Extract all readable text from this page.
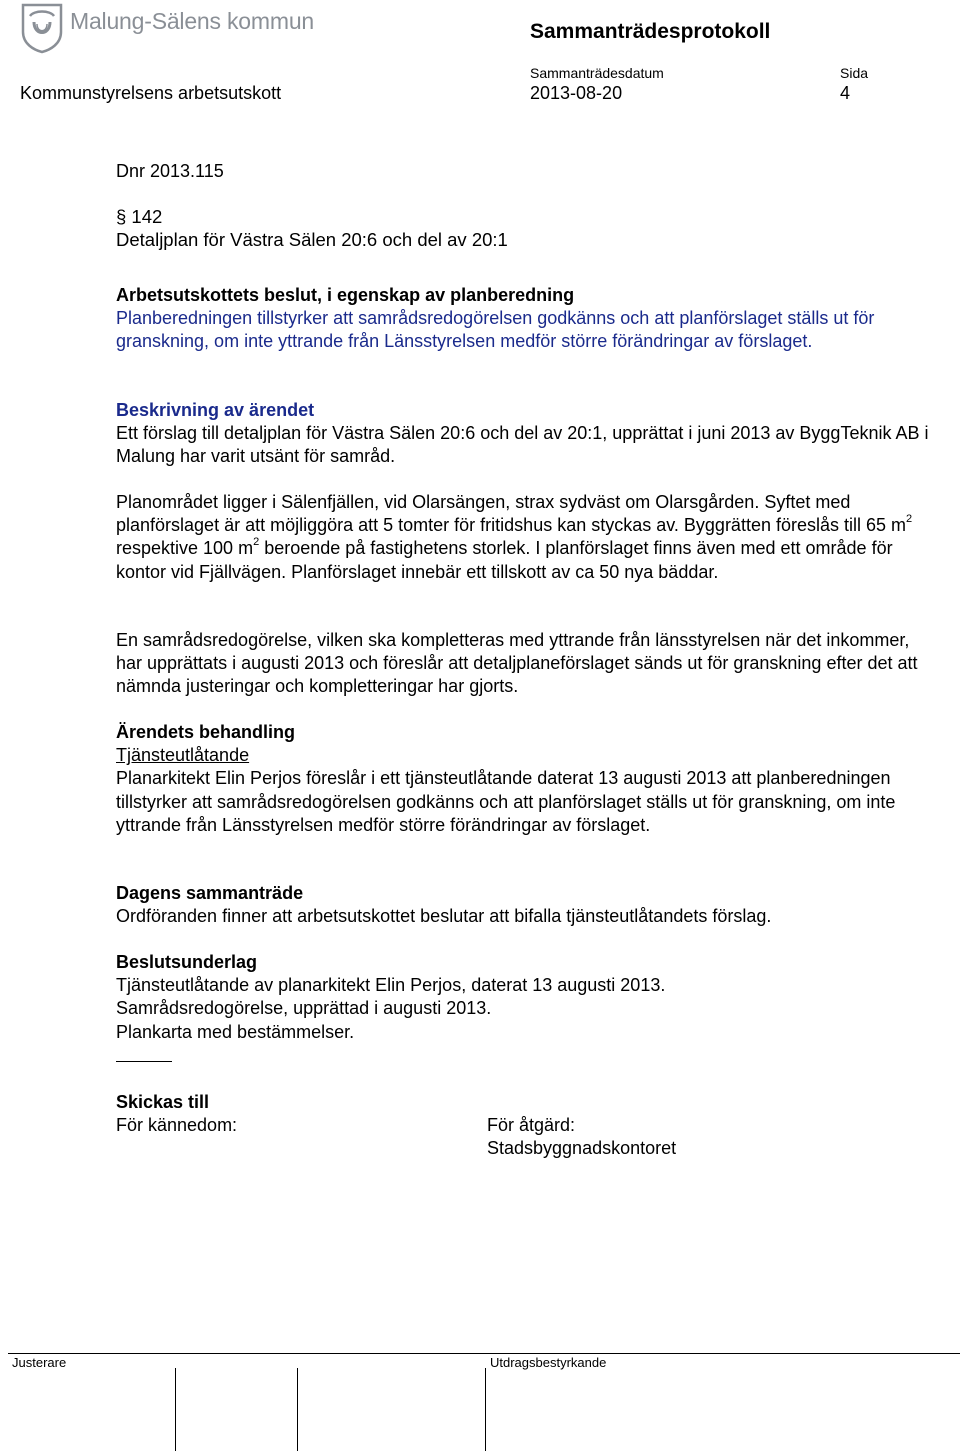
Malung-Sälens kommun	Sammanträdesprotokoll
Sammanträdesdatum	Sida
Kommunstyrelsens arbetsutskott	2013-08-20	4
Dnr 2013.115
§ 142
Detaljplan för Västra Sälen 20:6 och del av 20:1

Arbetsutskottets beslut, i egenskap av planberedning

Planberedningen tillstyrker att samrådsredogörelsen godkänns och att planförslaget ställs ut för granskning, om inte yttrande från Länsstyrelsen medför större förändringar av förslaget.

Beskrivning av ärendet

Ett förslag till detaljplan för Västra Sälen 20:6 och del av 20:1, upprättat i juni 2013 av ByggTeknik AB i Malung har varit utsänt för samråd.

Planområdet ligger i Sälenfjällen, vid Olarsängen, strax sydväst om Olarsgården. Syftet med planförslaget är att möjliggöra att 5 tomter för fritidshus kan styckas av. Byggrätten föreslås till 65 $m^2$ respektive 100 $m^2$ beroende på fastighetens storlek. I planförslaget finns även med ett område för kontor vid Fjällvägen. Planförslaget innebär ett tillskott av ca 50 nya bäddar.
En samrådsredogörelse, vilken ska kompletteras med yttrande från länsstyrelsen när det inkommer, har upprättats i augusti 2013 och föreslår att detaljplaneförslaget sänds ut för granskning efter det att nämnda justeringar och kompletteringar har gjorts.

Ärendets behandling

Tjänsteutlåtande

Planarkitekt Elin Perjos föreslår i ett tjänsteutlåtande daterat 13 augusti 2013 att planberedningen tillstyrker att samrådsredogörelsen godkänns och att planförslaget ställs ut för granskning, om inte yttrande från Länsstyrelsen medför större förändringar av förslaget.

Dagens sammanträde

Ordföranden finner att arbetsutskottet beslutar att bifalla tjänsteutlåtandets förslag.

Beslutsunderlag

Tjänsteutlåtande av planarkitekt Elin Perjos, daterat 13 augusti 2013.

Samrådsredogörelse, upprättad i augusti 2013.

Plankarta med bestämmelser.

Skickas till

För kännedom:	För åtgärd:

Stadsbyggnadskontoret

Justerare	Utdragsbestyrkande
